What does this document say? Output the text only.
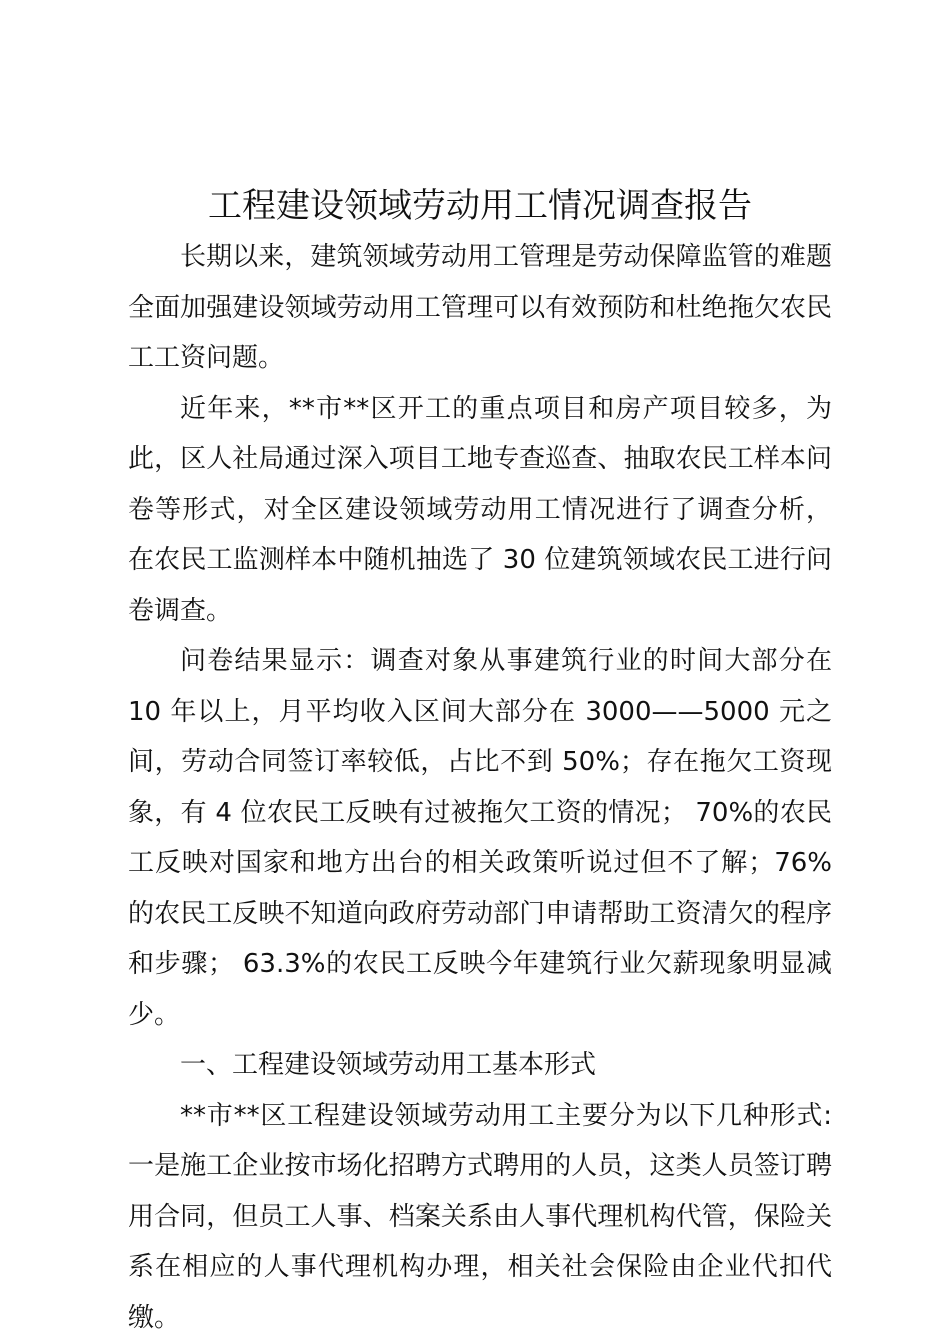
工程建设领域劳动用工情况调查报告

长期以来，建筑领域劳动用工管理是劳动保障监管的难题全面加强建设领域劳动用工管理可以有效预防和杜绝拖欠农民工工资问题。

近年来，**市**区开工的重点项目和房产项目较多，为此，区人社局通过深入项目工地专查巡查、抽取农民工样本问卷等形式，对全区建设领域劳动用工情况进行了调查分析， 在农民工监测样本中随机抽选了 30 位建筑领域农民工进行问卷调查。

问卷结果显示：调查对象从事建筑行业的时间大部分在 10 年以上，月平均收入区间大部分在 3000——5000 元之间，劳动合同签订率较低，占比不到 50%；存在拖欠工资现象，有 4 位农民工反映有过被拖欠工资的情况； 70%的农民工反映对国家和地方出台的相关政策听说过但不了解；76%的农民工反映不知道向政府劳动部门申请帮助工资清欠的程序和步骤； 63.3%的农民工反映今年建筑行业欠薪现象明显减少。

一、工程建设领域劳动用工基本形式

**市**区工程建设领域劳动用工主要分为以下几种形式:一是施工企业按市场化招聘方式聘用的人员，这类人员签订聘用合同，但员工人事、档案关系由人事代理机构代管，保险关系在相应的人事代理机构办理，相关社会保险由企业代扣代缴。
